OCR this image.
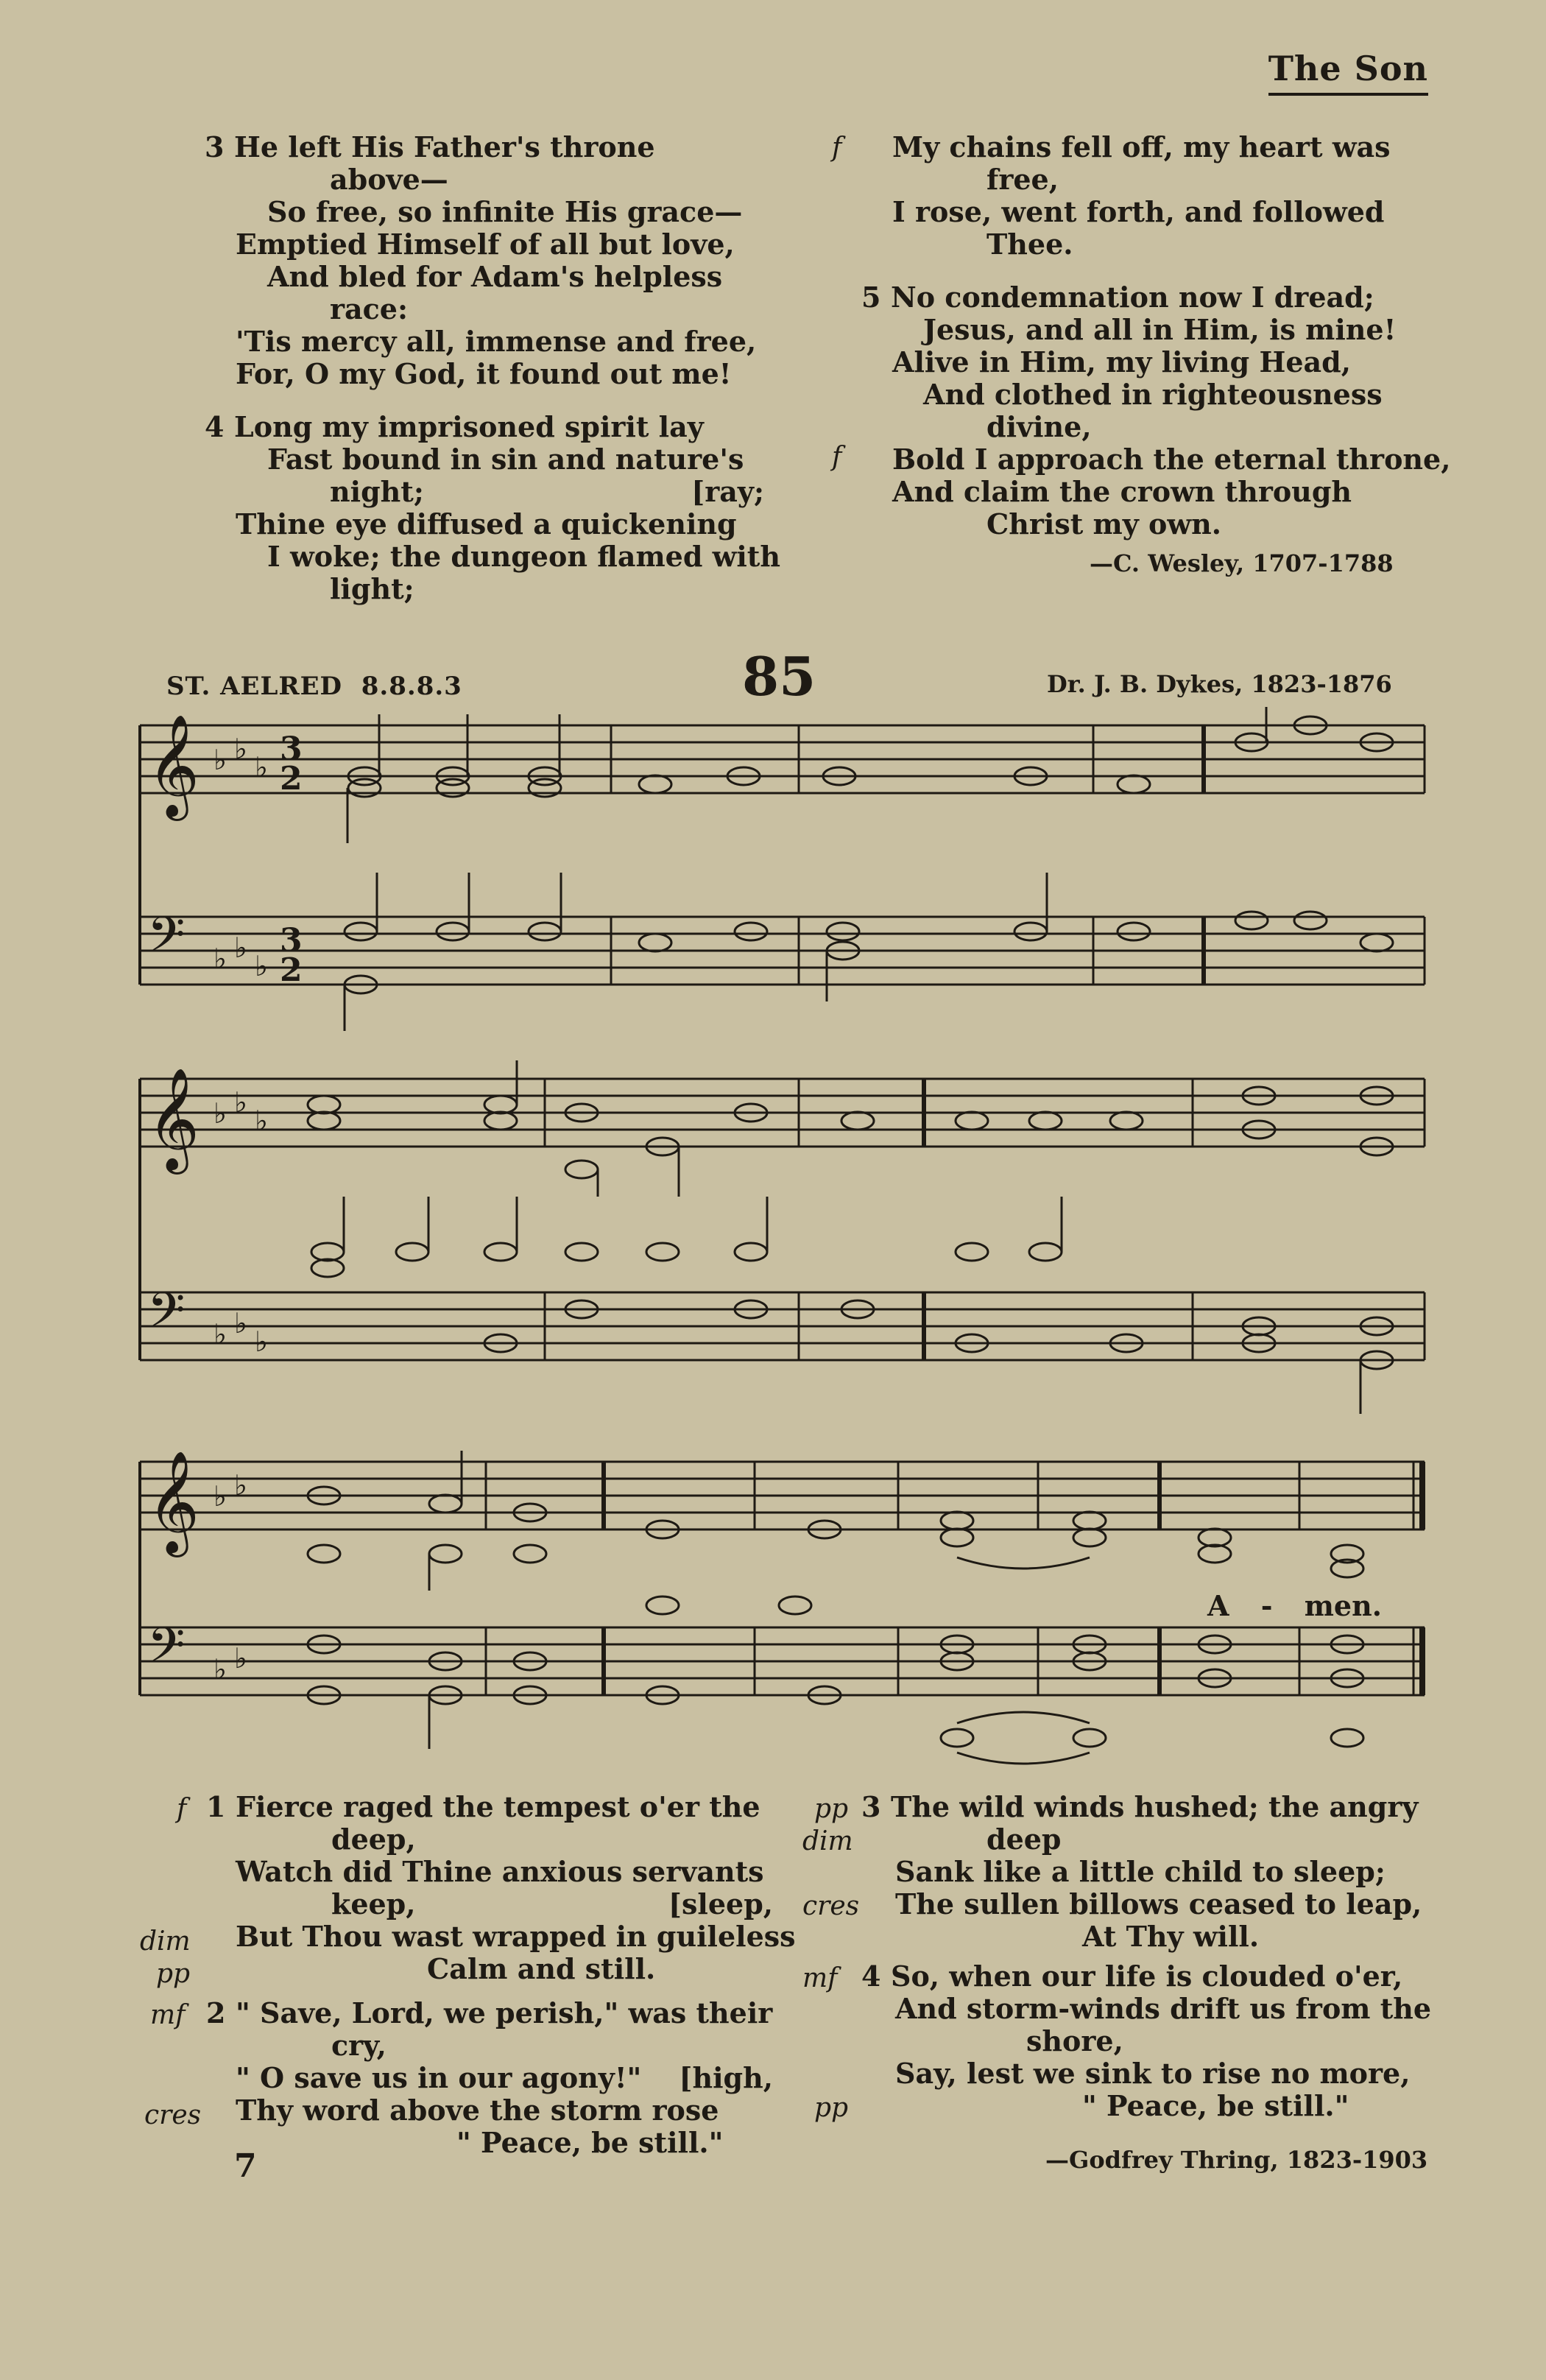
The Son
3 He left His Father's throne
above—
So free, so infinite His grace—
Emptied Himself of all but love,
And bled for Adam's helpless
race:
'Tis mercy all, immense and free,
For, O my God, it found out me!
4 Long my imprisoned spirit lay
Fast bound in sin and nature's
night;	[ray;
Thine eye diffused a quickening
I woke; the dungeon flamed with
light;
f My chains fell off, my heart was
free,
I rose, went forth, and followed
Thee.
f
5 No condemnation now I dread;
Jesus, and all in Him, is mine!
Alive in Him, my living Head,
And clothed in righteousness
divine,
Bold I approach the eternal throne,
And claim the crown through
Christ my own.
—C. Wesley, 1707-1788
ST. AELRED 8.8.8.3	85	Dr. J. B. Dykes, 1823-1876
𝄞
𝄢
♭ ♭
♭
♭ ♭
♭
3
2
3
2
𝄞
𝄢
♭ ♭
♭
♭ ♭
♭
𝄞
𝄢
♭ ♭
♭ ♭
A - men.
f 1 Fierce raged the tempest o'er the
deep,
Watch did Thine anxious servants
keep,	[sleep,
But Thou wast wrapped in guileless
Calm and still.
dim
pp
mf 2 " Save, Lord, we perish," was their
cry,
" O save us in our agony!" [high,
Thy word above the storm rose
" Peace, be still."
cres
7
pp 3 The wild winds hushed; the angry
deep
Sank like a little child to sleep;
The sullen billows ceased to leap,
At Thy will.
dim
cres
mf 4 So, when our life is clouded o'er,
And storm-winds drift us from the
shore,
Say, lest we sink to rise no more,
" Peace, be still."
pp
—Godfrey Thring, 1823-1903
